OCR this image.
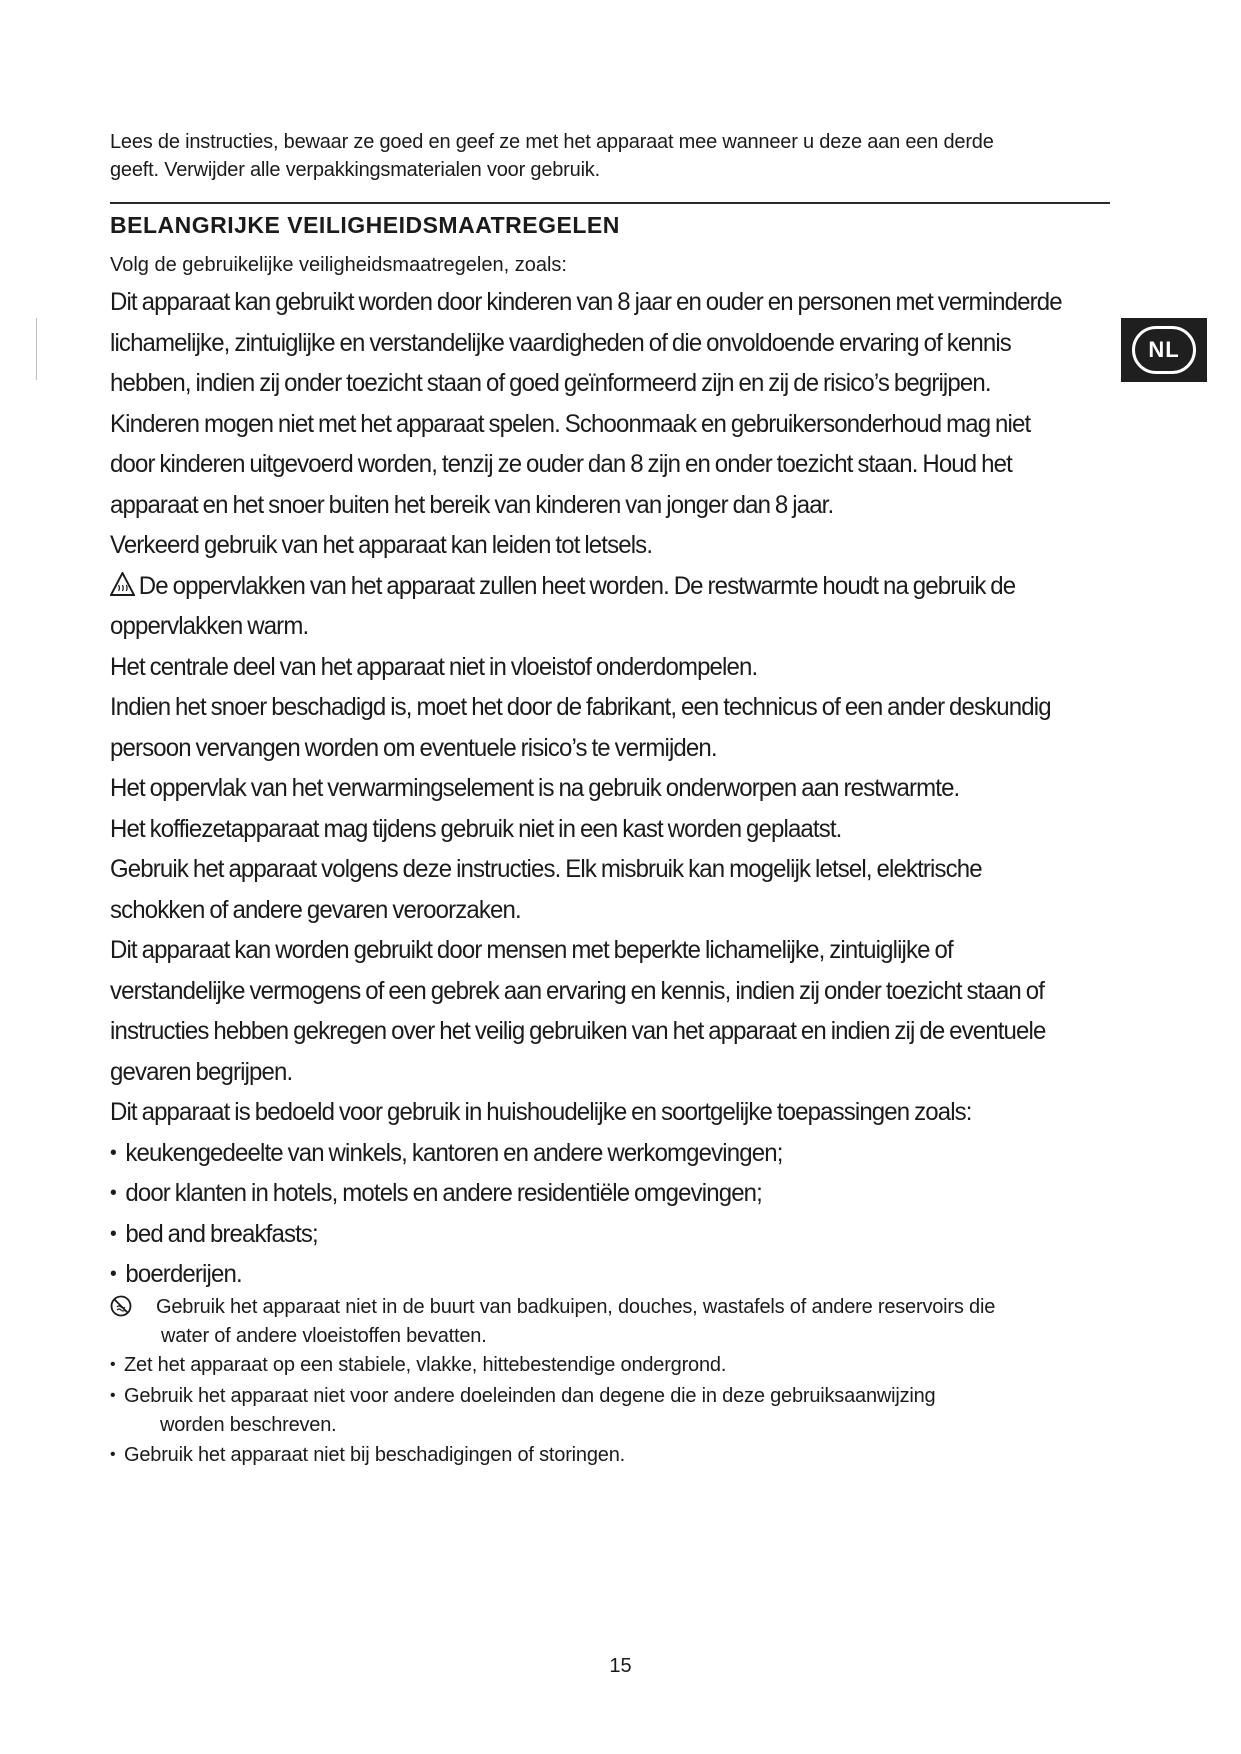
Lees de instructies, bewaar ze goed en geef ze met het apparaat mee wanneer u deze aan een derde
geeft. Verwijder alle verpakkingsmaterialen voor gebruik.
BELANGRIJKE VEILIGHEIDSMAATREGELEN
Volg de gebruikelijke veiligheidsmaatregelen, zoals:
NL

Dit apparaat kan gebruikt worden door kinderen van 8 jaar en ouder en personen met verminderde lichamelijke, zintuiglijke en verstandelijke vaardigheden of die onvoldoende ervaring of kennis hebben, indien zij onder toezicht staan of goed geïnformeerd zijn en zij de risico’s begrijpen.

Kinderen mogen niet met het apparaat spelen. Schoonmaak en gebruikersonderhoud mag niet door kinderen uitgevoerd worden, tenzij ze ouder dan 8 zijn en onder toezicht staan. Houd het apparaat en het snoer buiten het bereik van kinderen van jonger dan 8 jaar.

Verkeerd gebruik van het apparaat kan leiden tot letsels.

De oppervlakken van het apparaat zullen heet worden. De restwarmte houdt na gebruik de oppervlakken warm.

Het centrale deel van het apparaat niet in vloeistof onderdompelen.

Indien het snoer beschadigd is, moet het door de fabrikant, een technicus of een ander deskundig persoon vervangen worden om eventuele risico’s te vermijden.

Het oppervlak van het verwarmingselement is na gebruik onderworpen aan restwarmte.

Het koffiezetapparaat mag tijdens gebruik niet in een kast worden geplaatst.

Gebruik het apparaat volgens deze instructies. Elk misbruik kan mogelijk letsel, elektrische schokken of andere gevaren veroorzaken.

Dit apparaat kan worden gebruikt door mensen met beperkte lichamelijke, zintuiglijke of verstandelijke vermogens of een gebrek aan ervaring en kennis, indien zij onder toezicht staan of instructies hebben gekregen over het veilig gebruiken van het apparaat en indien zij de eventuele gevaren begrijpen.

Dit apparaat is bedoeld voor gebruik in huishoudelijke en soortgelijke toepassingen zoals:

• keukengedeelte van winkels, kantoren en andere werkomgevingen;
• door klanten in hotels, motels en andere residentiële omgevingen;
• bed and breakfasts;
• boerderijen.
Gebruik het apparaat niet in de buurt van badkuipen, douches, wastafels of andere reservoirs die
water of andere vloeistoffen bevatten.
• Zet het apparaat op een stabiele, vlakke, hittebestendige ondergrond.
• Gebruik het apparaat niet voor andere doeleinden dan degene die in deze gebruiksaanwijzing
worden beschreven.
• Gebruik het apparaat niet bij beschadigingen of storingen.
15
